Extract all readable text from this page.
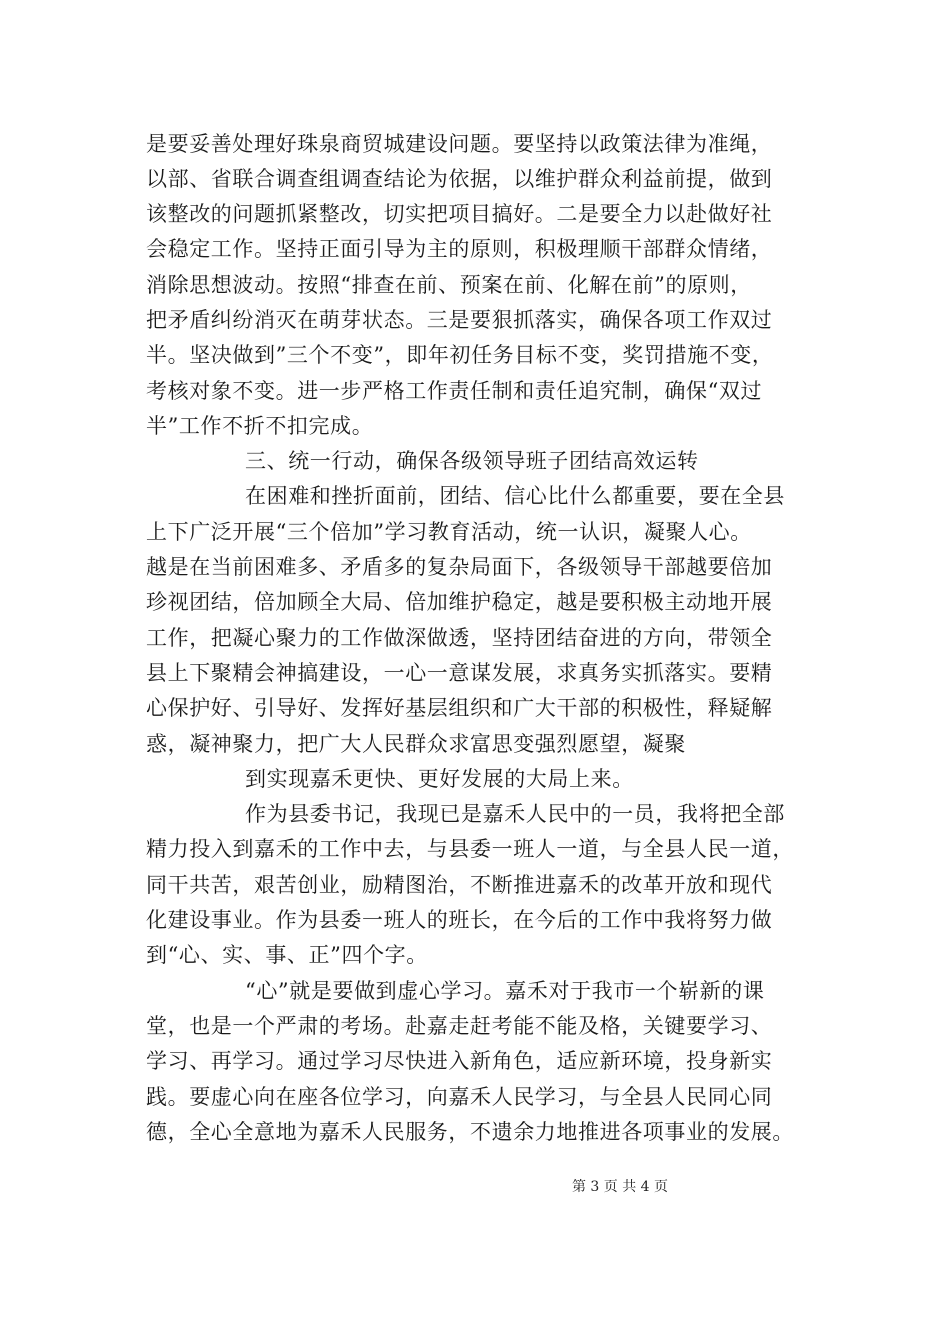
是要妥善处理好珠泉商贸城建设问题。要坚持以政策法律为准绳，
以部、省联合调查组调查结论为依据，以维护群众利益前提，做到
该整改的问题抓紧整改，切实把项目搞好。二是要全力以赴做好社
会稳定工作。坚持正面引导为主的原则，积极理顺干部群众情绪，
消除思想波动。按照“排查在前、预案在前、化解在前”的原则，
把矛盾纠纷消灭在萌芽状态。三是要狠抓落实，确保各项工作双过
半。坚决做到”三个不变”，即年初任务目标不变，奖罚措施不变，
考核对象不变。进一步严格工作责任制和责任追究制，确保“双过
半”工作不折不扣完成。
三、统一行动，确保各级领导班子团结高效运转
在困难和挫折面前，团结、信心比什么都重要，要在全县
上下广泛开展“三个倍加”学习教育活动，统一认识，凝聚人心。
越是在当前困难多、矛盾多的复杂局面下，各级领导干部越要倍加
珍视团结，倍加顾全大局、倍加维护稳定，越是要积极主动地开展
工作，把凝心聚力的工作做深做透，坚持团结奋进的方向，带领全
县上下聚精会神搞建设，一心一意谋发展，求真务实抓落实。要精
心保护好、引导好、发挥好基层组织和广大干部的积极性，释疑解
惑，凝神聚力，把广大人民群众求富思变强烈愿望，凝聚
到实现嘉禾更快、更好发展的大局上来。
作为县委书记，我现已是嘉禾人民中的一员，我将把全部
精力投入到嘉禾的工作中去，与县委一班人一道，与全县人民一道，
同干共苦，艰苦创业，励精图治，不断推进嘉禾的改革开放和现代
化建设事业。作为县委一班人的班长，在今后的工作中我将努力做
到“心、实、事、正”四个字。
“心”就是要做到虚心学习。嘉禾对于我市一个崭新的课
堂，也是一个严肃的考场。赴嘉走赶考能不能及格，关键要学习、
学习、再学习。通过学习尽快进入新角色，适应新环境，投身新实
践。要虚心向在座各位学习，向嘉禾人民学习，与全县人民同心同
德，全心全意地为嘉禾人民服务，不遗余力地推进各项事业的发展。
第 3 页 共 4 页
